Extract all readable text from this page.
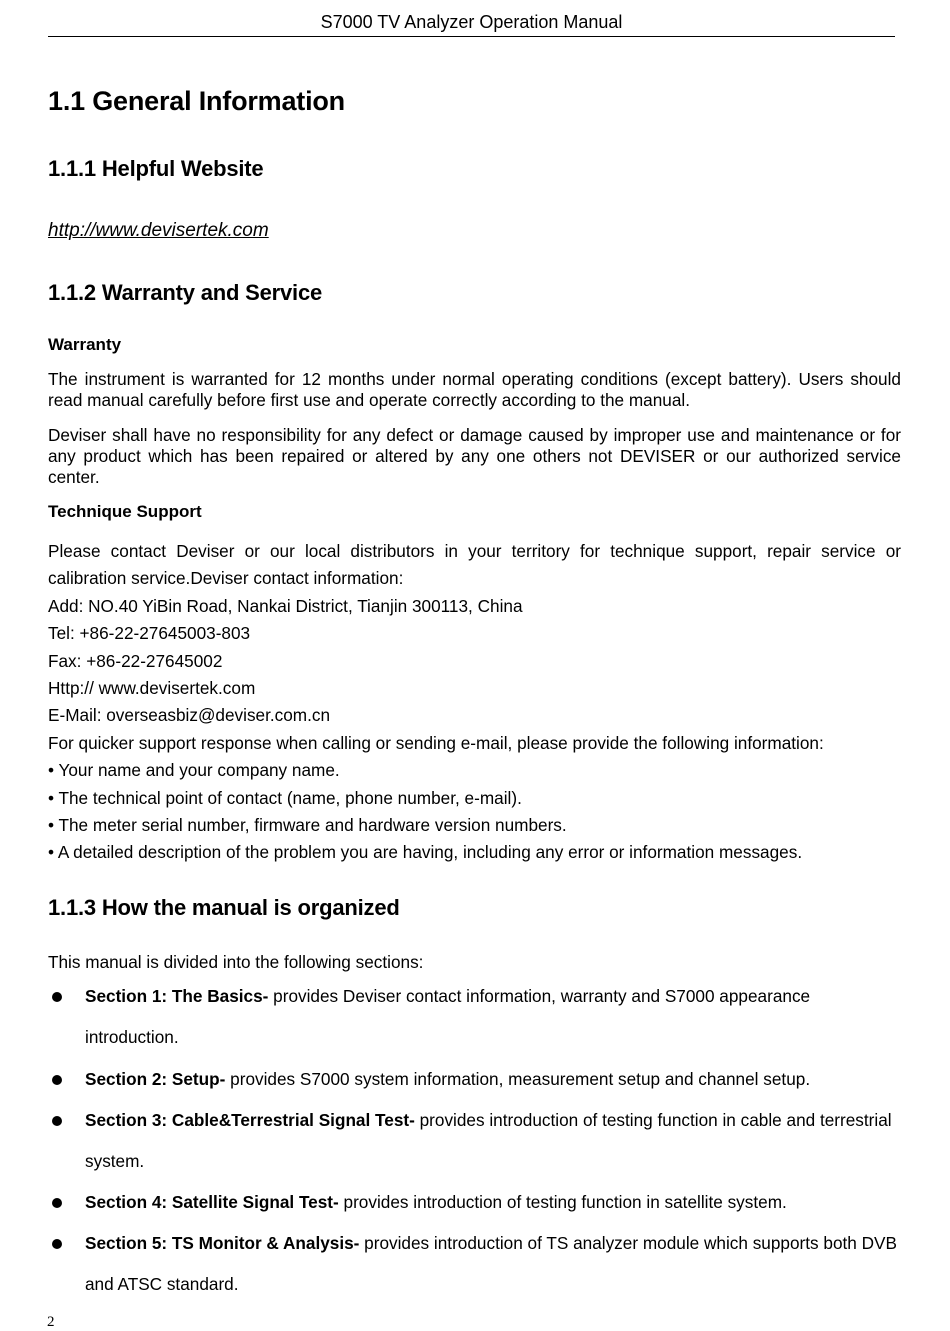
S7000 TV Analyzer Operation Manual
1.1 General Information
1.1.1 Helpful Website
http://www.devisertek.com
1.1.2 Warranty and Service
Warranty

The instrument is warranted for 12 months under normal operating conditions (except battery). Users should read manual carefully before first use and operate correctly according to the manual.

Deviser shall have no responsibility for any defect or damage caused by improper use and maintenance or for any product which has been repaired or altered by any one others not DEVISER or our authorized service center.

Technique Support
Please contact Deviser or our local distributors in your territory for technique support, repair service or
calibration service.Deviser contact information:
Add: NO.40 YiBin Road, Nankai District, Tianjin 300113, China
Tel: +86-22-27645003-803
Fax: +86-22-27645002
Http:// www.devisertek.com
E-Mail: overseasbiz@deviser.com.cn
For quicker support response when calling or sending e-mail, please provide the following information:
• Your name and your company name.
• The technical point of contact (name, phone number, e-mail).
• The meter serial number, firmware and hardware version numbers.
• A detailed description of the problem you are having, including any error or information messages.
1.1.3 How the manual is organized
This manual is divided into the following sections:
Section 1: The Basics- provides Deviser contact information, warranty and S7000 appearance introduction.
Section 2: Setup- provides S7000 system information, measurement setup and channel setup.
Section 3: Cable&Terrestrial Signal Test- provides introduction of testing function in cable and terrestrial system.
Section 4: Satellite Signal Test- provides introduction of testing function in satellite system.
Section 5: TS Monitor & Analysis- provides introduction of TS analyzer module which supports both DVB and ATSC standard.
2
